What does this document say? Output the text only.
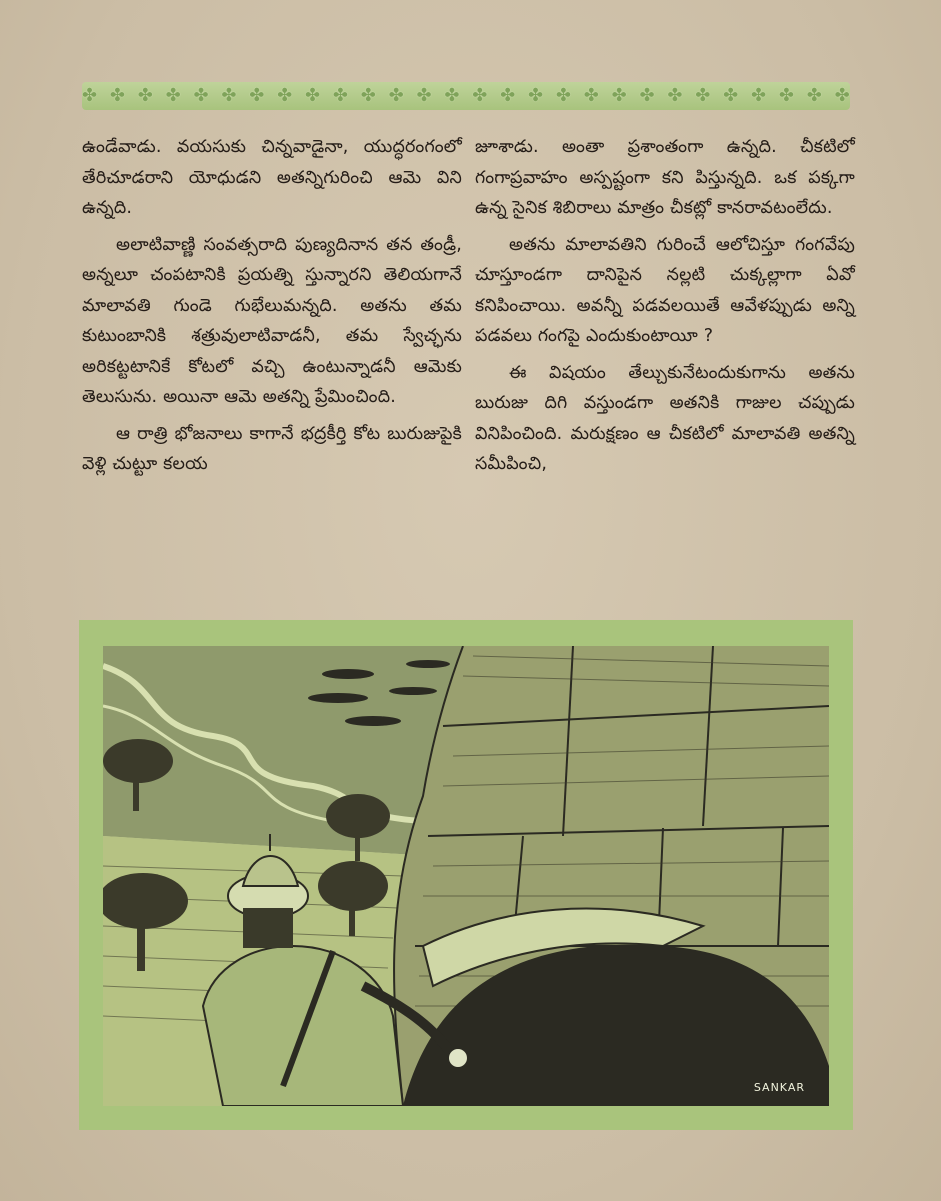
✤ ✤ ✤ ✤ ✤ ✤ ✤ ✤ ✤ ✤ ✤ ✤ ✤ ✤ ✤ ✤ ✤ ✤ ✤ ✤ ✤ ✤ ✤ ✤ ✤ ✤ ✤ ✤

ఉండేవాడు. వయసుకు చిన్నవాడైనా, యుద్ధరంగంలో తేరిచూడరాని యోధుడని అతన్నిగురించి ఆమె విని ఉన్నది.

అలాటివాణ్ణి సంవత్సరాది పుణ్యదినాన తన తండ్రీ, అన్నలూ చంపటానికి ప్రయత్ని స్తున్నారని తెలియగానే మాలావతి గుండె గుభేలుమన్నది. అతను తమ కుటుంబానికి శత్రువులాటివాడనీ, తమ స్వేచ్ఛను అరికట్టటానికే కోటలో వచ్చి ఉంటున్నాడనీ ఆమెకు తెలుసును. అయినా ఆమె అతన్ని ప్రేమించింది.

ఆ రాత్రి భోజనాలు కాగానే భద్రకీర్తి కోట బురుజుపైకి వెళ్లి చుట్టూ కలయ

జూశాడు. అంతా ప్రశాంతంగా ఉన్నది. చీకటిలో గంగాప్రవాహం అస్పష్టంగా కని పిస్తున్నది. ఒక పక్కగా ఉన్న సైనిక శిబిరాలు మాత్రం చీకట్లో కానరావటంలేదు.

అతను మాలావతిని గురించే ఆలోచిస్తూ గంగవేపు చూస్తూండగా దానిపైన నల్లటి చుక్కల్లాగా ఏవో కనిపించాయి. అవన్నీ పడవలయితే ఆవేళప్పుడు అన్ని పడవలు గంగపై ఎందుకుంటాయీ ?

ఈ విషయం తేల్చుకునేటందుకుగాను అతను బురుజు దిగి వస్తుండగా అతనికి గాజుల చప్పుడు వినిపించింది. మరుక్షణం ఆ చీకటిలో మాలావతి అతన్ని సమీపించి,

SANKAR
